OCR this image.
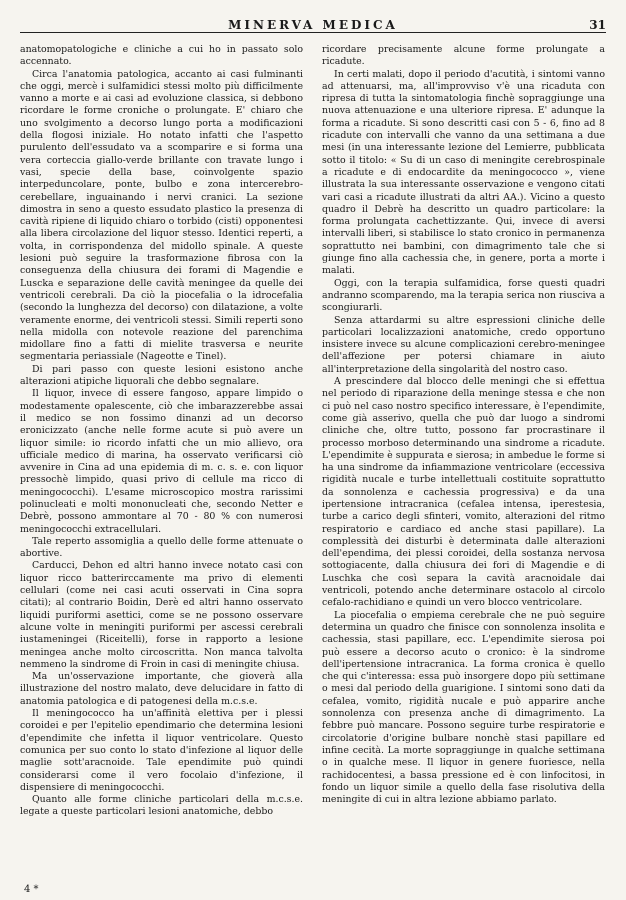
MINERVA MEDICA	31

anatomopatologiche e cliniche a cui ho in passato solo accennato.

Circa l'anatomia patologica, accanto ai casi fulminanti che oggi, mercè i sulfamidici stessi molto più difficilmente vanno a morte e ai casi ad evoluzione classica, si debbono ricordare le forme croniche o prolungate. E' chiaro che uno svolgimento a decorso lungo porta a modificazioni della flogosi iniziale. Ho notato infatti che l'aspetto purulento dell'essudato va a scomparire e si forma una vera corteccia giallo-verde brillante con travate lungo i vasi, specie della base, coinvolgente spazio interpeduncolare, ponte, bulbo e zona intercerebro-cerebellare, inguainando i nervi cranici. La sezione dimostra in seno a questo essudato plastico la presenza di cavità ripiene di liquido chiaro o torbido (cisti) opponentesi alla libera circolazione del liquor stesso. Identici reperti, a volta, in corrispondenza del midollo spinale. A queste lesioni può seguire la trasformazione fibrosa con la conseguenza della chiusura dei forami di Magendie e Luscka e separazione delle cavità meningee da quelle dei ventricoli cerebrali. Da ciò la piocefalia o la idrocefalia (secondo la lunghezza del decorso) con dilatazione, a volte veramente enorme, dei ventricoli stessi. Simili reperti sono nella midolla con notevole reazione del parenchima midollare fino a fatti di mielite trasversa e neurite segmentaria periassiale (Nageotte e Tinel).

Di pari passo con queste lesioni esistono anche alterazioni atipiche liquorali che debbo segnalare.

Il liquor, invece di essere fangoso, appare limpido o modestamente opalescente, ciò che imbarazzerebbe assai il medico se non fossimo dinanzi ad un decorso eronicizzato (anche nelle forme acute si può avere un liquor simile: io ricordo infatti che un mio allievo, ora ufficiale medico di marina, ha osservato verificarsi ciò avvenire in Cina ad una epidemia di m. c. s. e. con liquor pressochè limpido, quasi privo di cellule ma ricco di meningococchi). L'esame microscopico mostra rarissimi polinucleati e molti mononucleati che, secondo Netter e Debrè, possono ammontare al 70 - 80 % con numerosi meningococchi extracellulari.

Tale reperto assomiglia a quello delle forme attenuate o abortive.

Carducci, Dehon ed altri hanno invece notato casi con liquor ricco batterirccamente ma privo di elementi cellulari (come nei casi acuti osservati in Cina sopra citati); al contrario Boidin, Derè ed altri hanno osservato liquidi puriformi asettici, come se ne possono osservare alcune volte in meningiti puriformi per ascessi cerebrali iustameningei (Riceitelli), forse in rapporto a lesione meningea anche molto circoscritta. Non manca talvolta nemmeno la sindrome di Froin in casi di meningite chiusa.

Ma un'osservazione importante, che gioverà alla illustrazione del nostro malato, deve delucidare in fatto di anatomia patologica e di patogenesi della m.c.s.e.

Il meningococco ha un'affinità elettiva per i plessi coroidei e per l'epitelio ependimario che determina lesioni d'ependimite che infetta il liquor ventricolare. Questo comunica per suo conto lo stato d'infezione al liquor delle maglie sott'aracnoide. Tale ependimite può quindi considerarsi come il vero focolaio d'infezione, il dispensiere di meningococchi.

Quanto alle forme cliniche particolari della m.c.s.e. legate a queste particolari lesioni anatomiche, debbo

ricordare precisamente alcune forme prolungate a ricadute.

In certi malati, dopo il periodo d'acutità, i sintomi vanno ad attenuarsi, ma, all'improvviso v'è una ricaduta con ripresa di tutta la sintomatologia finchè sopraggiunge una nuova attenuazione e una ulteriore ripresa. E' adunque la forma a ricadute. Si sono descritti casi con 5 - 6, fino ad 8 ricadute con intervalli che vanno da una settimana a due mesi (in una interessante lezione del Lemierre, pubblicata sotto il titolo: « Su di un caso di meningite cerebrospinale a ricadute e di endocardite da meningococco », viene illustrata la sua interessante osservazione e vengono citati vari casi a ricadute illustrati da altri AA.). Vicino a questo quadro il Debrè ha descritto un quadro particolare: la forma prolungata cachettizzante. Qui, invece di aversi intervalli liberi, si stabilisce lo stato cronico in permanenza soprattutto nei bambini, con dimagrimento tale che si giunge fino alla cachessia che, in genere, porta a morte i malati.

Oggi, con la terapia sulfamidica, forse questi quadri andranno scomparendo, ma la terapia serica non riusciva a scongiurarli.

Senza attardarmi su altre espressioni cliniche delle particolari localizzazioni anatomiche, credo opportuno insistere invece su alcune complicazioni cerebro-meningee dell'affezione per potersi chiamare in aiuto all'interpretazione della singolarità del nostro caso.

A prescindere dal blocco delle meningi che si effettua nel periodo di riparazione della meninge stessa e che non ci può nel caso nostro specifico interessare, è l'ependimite, come già asserivo, quella che può dar luogo a sindromi cliniche che, oltre tutto, possono far procrastinare il processo morboso determinando una sindrome a ricadute. L'ependimite è suppurata e sierosa; in ambedue le forme si ha una sindrome da infiammazione ventricolare (eccessiva rigidità nucale e turbe intellettuali costituite soprattutto da sonnolenza e cachessia progressiva) e da una ipertensione intracranica (cefalea intensa, iperestesia, turbe a carico degli sfinteri, vomito, alterazioni del ritmo respiratorio e cardiaco ed anche stasi papillare). La complessità dei disturbi è determinata dalle alterazioni dell'ependima, dei plessi coroidei, della sostanza nervosa sottogiacente, dalla chiusura dei fori di Magendie e di Luschka che così separa la cavità aracnoidale dai ventricoli, potendo anche determinare ostacolo al circolo cefalo-rachidiano e quindi un vero blocco ventricolare.

La piocefalia o empiema cerebrale che ne può seguire determina un quadro che finisce con sonnolenza insolita e cachessia, stasi papillare, ecc. L'ependimite sierosa poi può essere a decorso acuto o cronico: è la sindrome dell'ipertensione intracranica. La forma cronica è quello che qui c'interessa: essa può insorgere dopo più settimane o mesi dal periodo della guarigione. I sintomi sono dati da cefalea, vomito, rigidità nucale e può apparire anche sonnolenza con presenza anche di dimagrimento. La febbre può mancare. Possono seguire turbe respiratorie e circolatorie d'origine bulbare nonchè stasi papillare ed infine cecità. La morte sopraggiunge in qualche settimana o in qualche mese. Il liquor in genere fuoriesce, nella rachidocentesi, a bassa pressione ed è con linfocitosi, in fondo un liquor simile a quello della fase risolutiva della meningite di cui in altra lezione abbiamo parlato.

4 *
